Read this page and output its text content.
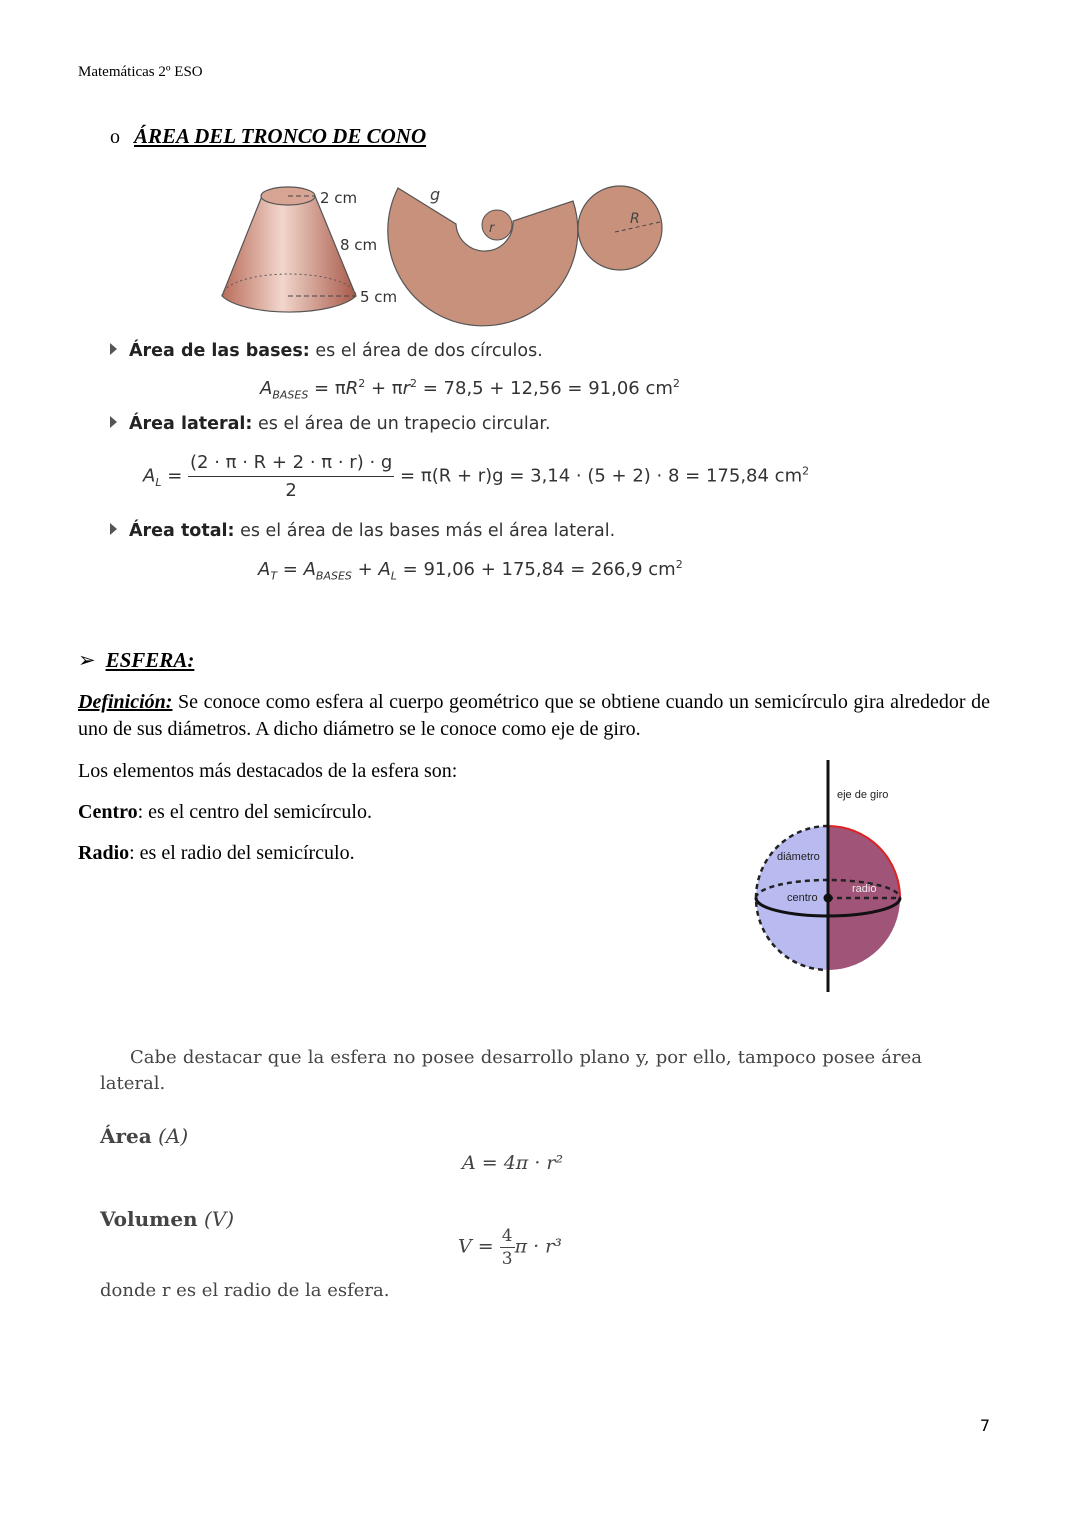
Matemáticas 2º ESO
o ÁREA DEL TRONCO DE CONO
2 cm
8 cm
5 cm
g
r
R
Área de las bases: es el área de dos círculos.
$A_{BASES} = \pi R^2 + \pi r^2 = 78,5 + 12,56 = 91,06$ $cm^2$
Área lateral: es el área de un trapecio circular.
$A_L = \frac{(2 \cdot \pi \cdot R + 2 \cdot \pi \cdot r) \cdot g}{2} = \pi(R + r)g = 3,14 \cdot (5 + 2) \cdot 8 = 175,84$ $cm^2$
Área total: es el área de las bases más el área lateral.
$A_T = A_{BASES} + A_L = 91,06 + 175,84 = 266,9$ $cm^2$
➢ ESFERA:
Definición: Se conoce como esfera al cuerpo geométrico que se obtiene cuando un semicírculo gira alrededor de uno de sus diámetros. A dicho diámetro se le conoce como eje de giro.
Los elementos más destacados de la esfera son:
Centro: es el centro del semicírculo.
Radio: es el radio del semicírculo.
eje de giro
diámetro
centro
radio
Cabe destacar que la esfera no posee desarrollo plano y, por ello, tampoco posee área lateral.
Área (A)
A = 4π · r²
Volumen (V)
$V = \frac{4}{3}$ π · r³
donde r es el radio de la esfera.
7
